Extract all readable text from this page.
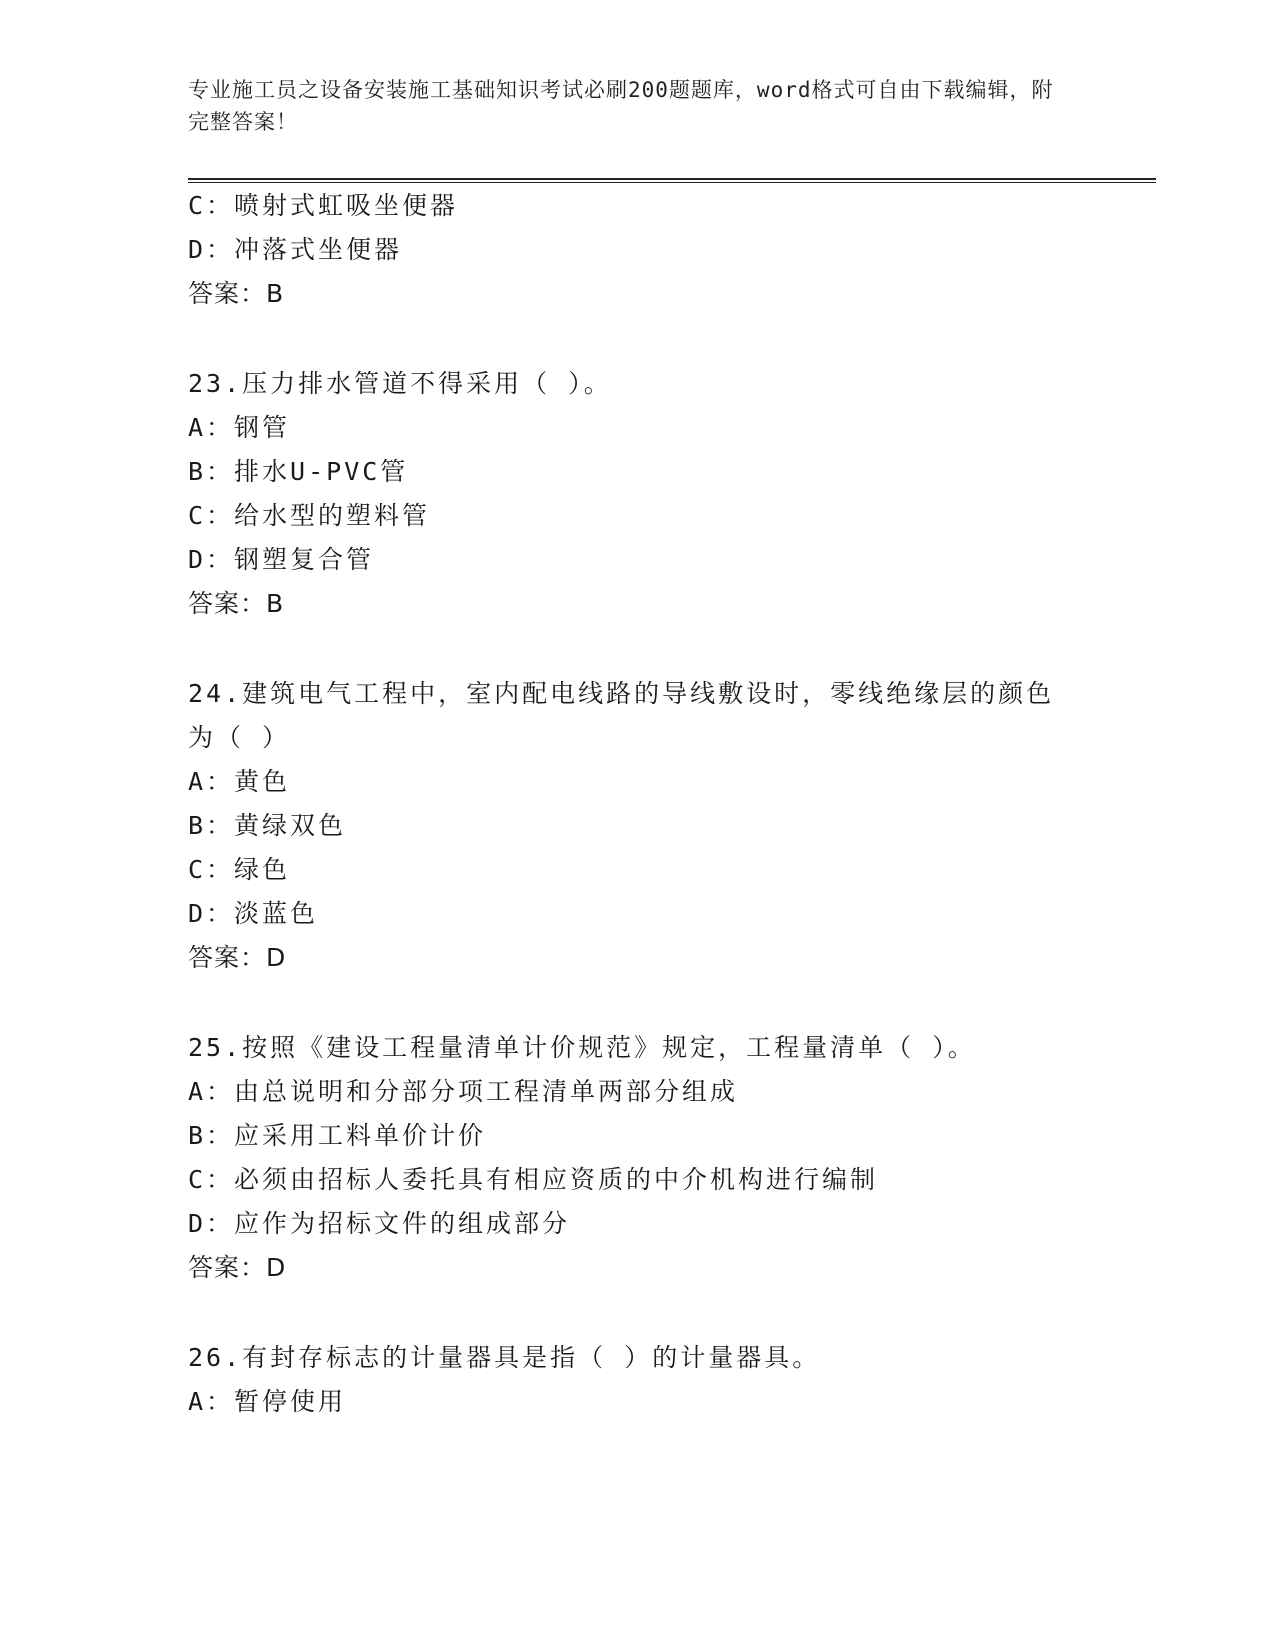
专业施工员之设备安装施工基础知识考试必刷200题题库，word格式可自由下载编辑，附完整答案！
C：喷射式虹吸坐便器
D：冲落式坐便器
答案：B
23.压力排水管道不得采用（ ）。
A：钢管
B：排水U-PVC管
C：给水型的塑料管
D：钢塑复合管
答案：B
24.建筑电气工程中，室内配电线路的导线敷设时，零线绝缘层的颜色
为（ ）
A：黄色
B：黄绿双色
C：绿色
D：淡蓝色
答案：D
25.按照《建设工程量清单计价规范》规定，工程量清单（ ）。
A：由总说明和分部分项工程清单两部分组成
B：应采用工料单价计价
C：必须由招标人委托具有相应资质的中介机构进行编制
D：应作为招标文件的组成部分
答案：D
26.有封存标志的计量器具是指（ ）的计量器具。
A：暂停使用
